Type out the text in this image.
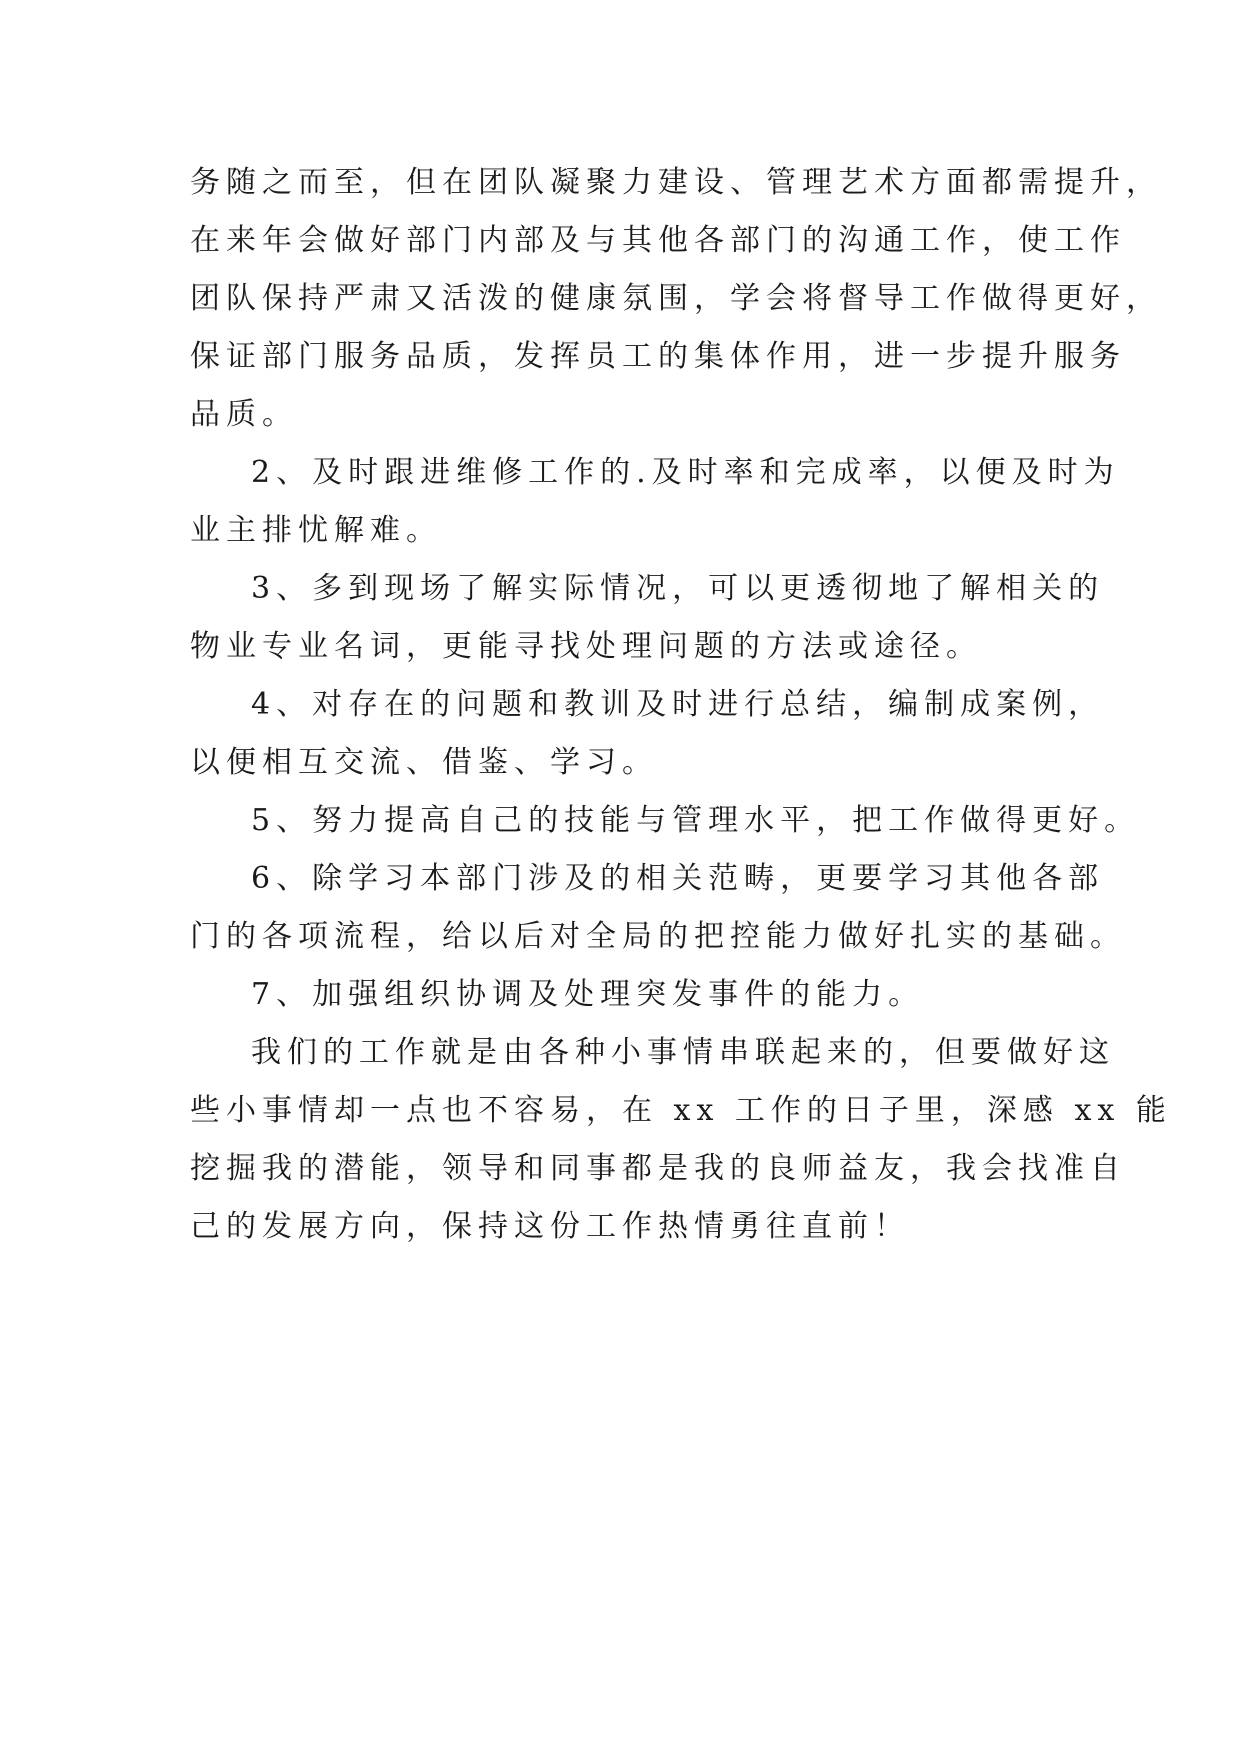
务随之而至，但在团队凝聚力建设、管理艺术方面都需提升，
在来年会做好部门内部及与其他各部门的沟通工作，使工作
团队保持严肃又活泼的健康氛围，学会将督导工作做得更好，
保证部门服务品质，发挥员工的集体作用，进一步提升服务
品质。
2、及时跟进维修工作的.及时率和完成率，以便及时为
业主排忧解难。
3、多到现场了解实际情况，可以更透彻地了解相关的
物业专业名词，更能寻找处理问题的方法或途径。
4、对存在的问题和教训及时进行总结，编制成案例，
以便相互交流、借鉴、学习。
5、努力提高自己的技能与管理水平，把工作做得更好。
6、除学习本部门涉及的相关范畴，更要学习其他各部
门的各项流程，给以后对全局的把控能力做好扎实的基础。
7、加强组织协调及处理突发事件的能力。
我们的工作就是由各种小事情串联起来的，但要做好这
些小事情却一点也不容易，在 xx 工作的日子里，深感 xx 能
挖掘我的潜能，领导和同事都是我的良师益友，我会找准自
己的发展方向，保持这份工作热情勇往直前！
